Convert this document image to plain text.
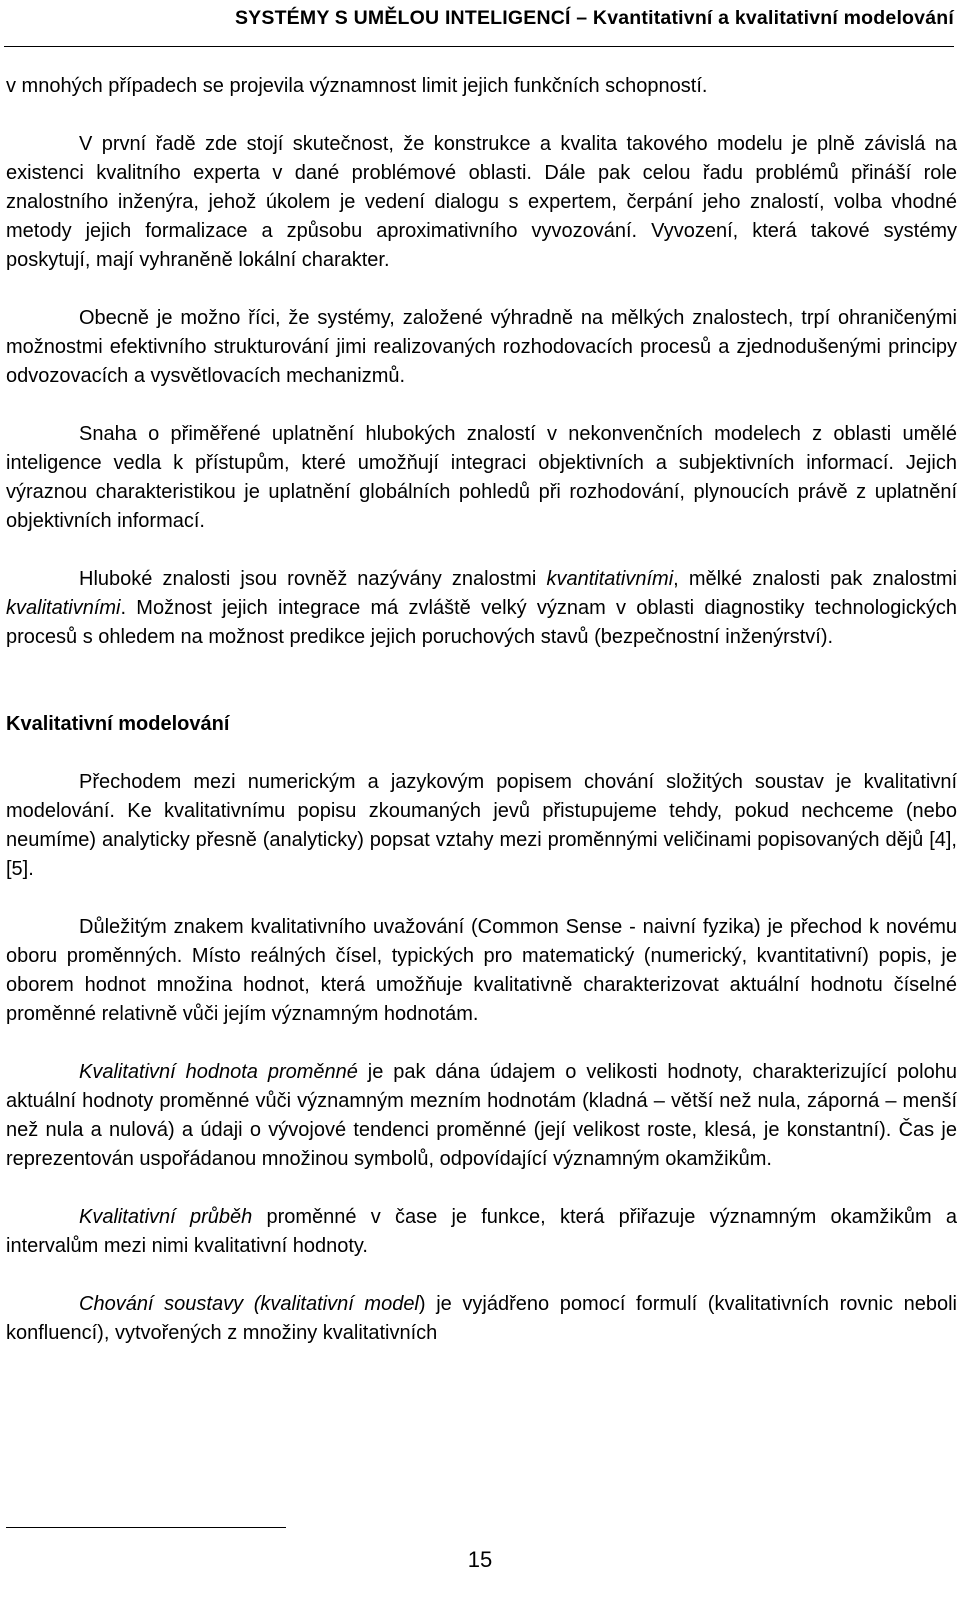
SYSTÉMY S UMĚLOU INTELIGENCÍ – Kvantitativní a kvalitativní modelování

v mnohých případech se projevila významnost limit jejich funkčních schopností.

V první řadě zde stojí skutečnost, že konstrukce a kvalita takového modelu je plně závislá na existenci kvalitního experta v dané problémové oblasti. Dále pak celou řadu problémů přináší role znalostního inženýra, jehož úkolem je vedení dialogu s expertem, čerpání jeho znalostí, volba vhodné metody jejich formalizace a způsobu aproximativního vyvozování. Vyvození, která takové systémy poskytují, mají vyhraněně lokální charakter.

Obecně je možno říci, že systémy, založené výhradně na mělkých znalostech, trpí ohraničenými možnostmi efektivního strukturování jimi realizovaných rozhodovacích procesů a zjednodušenými principy odvozovacích a vysvětlovacích mechanizmů.

Snaha o přiměřené uplatnění hlubokých znalostí v nekonvenčních modelech z oblasti umělé inteligence vedla k přístupům, které umožňují integraci objektivních a subjektivních informací. Jejich výraznou charakteristikou je uplatnění globálních pohledů při rozhodování, plynoucích právě z uplatnění objektivních informací.

Hluboké znalosti jsou rovněž nazývány znalostmi kvantitativními, mělké znalosti pak znalostmi kvalitativními. Možnost jejich integrace má zvláště velký význam v oblasti diagnostiky technologických procesů s ohledem na možnost predikce jejich poruchových stavů (bezpečnostní inženýrství).

Kvalitativní modelování

Přechodem mezi numerickým a jazykovým popisem chování složitých soustav je kvalitativní modelování. Ke kvalitativnímu popisu zkoumaných jevů přistupujeme tehdy, pokud nechceme (nebo neumíme) analyticky přesně (analyticky) popsat vztahy mezi proměnnými veličinami popisovaných dějů [4], [5].

Důležitým znakem kvalitativního uvažování (Common Sense - naivní fyzika) je přechod k novému oboru proměnných. Místo reálných čísel, typických pro matematický (numerický, kvantitativní) popis, je oborem hodnot množina hodnot, která umožňuje kvalitativně charakterizovat aktuální hodnotu číselné proměnné relativně vůči jejím významným hodnotám.

Kvalitativní hodnota proměnné je pak dána údajem o velikosti hodnoty, charakterizující polohu aktuální hodnoty proměnné vůči významným mezním hodnotám (kladná – větší než nula, záporná – menší než nula a nulová) a údaji o vývojové tendenci proměnné (její velikost roste, klesá, je konstantní). Čas je reprezentován uspořádanou množinou symbolů, odpovídající významným okamžikům.

Kvalitativní průběh proměnné v čase je funkce, která přiřazuje významným okamžikům a intervalům mezi nimi kvalitativní hodnoty.

Chování soustavy (kvalitativní model) je vyjádřeno pomocí formulí (kvalitativních rovnic neboli konfluencí), vytvořených z množiny kvalitativních

15
